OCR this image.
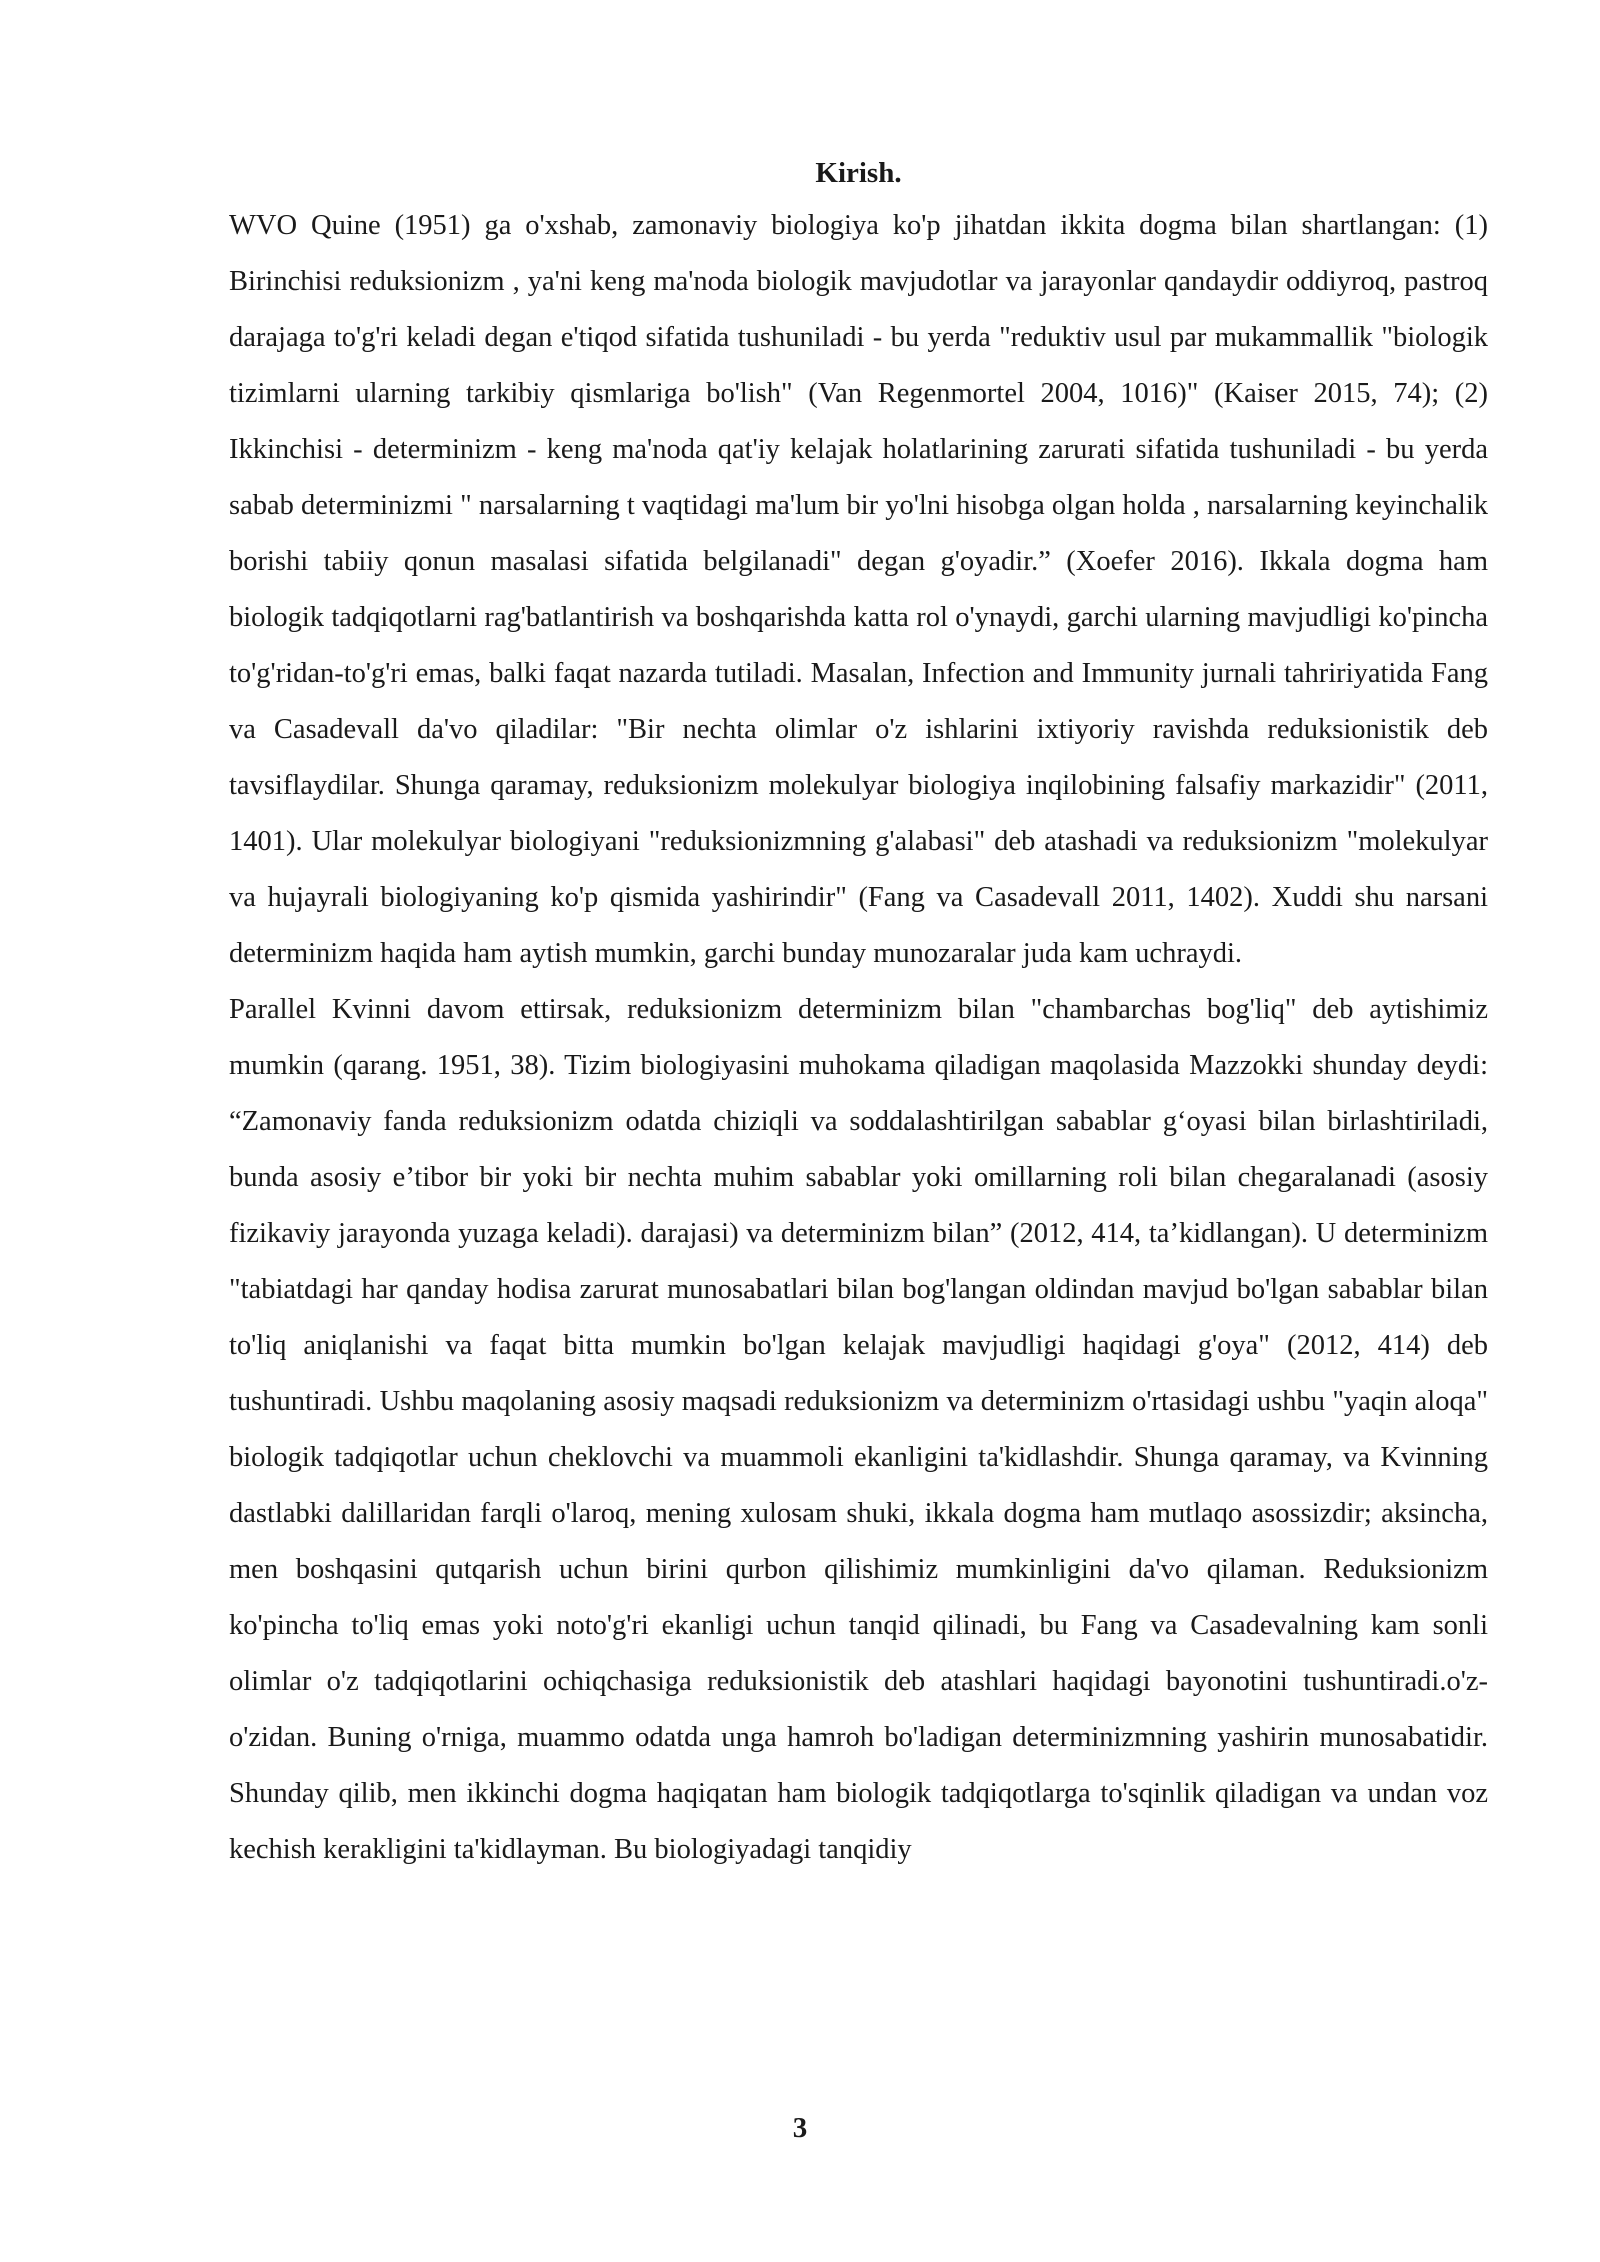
Kirish.

WVO Quine (1951) ga o'xshab, zamonaviy biologiya ko'p jihatdan ikkita dogma bilan shartlangan: (1) Birinchisi reduksionizm , ya'ni keng ma'noda biologik mavjudotlar va jarayonlar qandaydir oddiyroq, pastroq darajaga to'g'ri keladi degan e'tiqod sifatida tushuniladi - bu yerda "reduktiv usul par mukammallik "biologik tizimlarni ularning tarkibiy qismlariga bo'lish" (Van Regenmortel 2004, 1016)" (Kaiser 2015, 74); (2) Ikkinchisi - determinizm - keng ma'noda qat'iy kelajak holatlarining zarurati sifatida tushuniladi - bu yerda sabab determinizmi " narsalarning t vaqtidagi ma'lum bir yo'lni hisobga olgan holda , narsalarning keyinchalik borishi tabiiy qonun masalasi sifatida belgilanadi" degan g'oyadir.” (Xoefer 2016). Ikkala dogma ham biologik tadqiqotlarni rag'batlantirish va boshqarishda katta rol o'ynaydi, garchi ularning mavjudligi ko'pincha to'g'ridan-to'g'ri emas, balki faqat nazarda tutiladi. Masalan, Infection and Immunity jurnali tahririyatida Fang va Casadevall da'vo qiladilar: "Bir nechta olimlar o'z ishlarini ixtiyoriy ravishda reduksionistik deb tavsiflaydilar. Shunga qaramay, reduksionizm molekulyar biologiya inqilobining falsafiy markazidir" (2011, 1401). Ular molekulyar biologiyani "reduksionizmning g'alabasi" deb atashadi va reduksionizm "molekulyar va hujayrali biologiyaning ko'p qismida yashirindir" (Fang va Casadevall 2011, 1402). Xuddi shu narsani determinizm haqida ham aytish mumkin, garchi bunday munozaralar juda kam uchraydi.

Parallel Kvinni davom ettirsak, reduksionizm determinizm bilan "chambarchas bog'liq" deb aytishimiz mumkin (qarang. 1951, 38). Tizim biologiyasini muhokama qiladigan maqolasida Mazzokki shunday deydi: “Zamonaviy fanda reduksionizm odatda chiziqli va soddalashtirilgan sabablar g‘oyasi bilan birlashtiriladi, bunda asosiy e’tibor bir yoki bir nechta muhim sabablar yoki omillarning roli bilan chegaralanadi (asosiy fizikaviy jarayonda yuzaga keladi). darajasi) va determinizm bilan” (2012, 414, ta’kidlangan). U determinizm "tabiatdagi har qanday hodisa zarurat munosabatlari bilan bog'langan oldindan mavjud bo'lgan sabablar bilan to'liq aniqlanishi va faqat bitta mumkin bo'lgan kelajak mavjudligi haqidagi g'oya" (2012, 414) deb tushuntiradi. Ushbu maqolaning asosiy maqsadi reduksionizm va determinizm o'rtasidagi ushbu "yaqin aloqa" biologik tadqiqotlar uchun cheklovchi va muammoli ekanligini ta'kidlashdir. Shunga qaramay, va Kvinning dastlabki dalillaridan farqli o'laroq, mening xulosam shuki, ikkala dogma ham mutlaqo asossizdir; aksincha, men boshqasini qutqarish uchun birini qurbon qilishimiz mumkinligini da'vo qilaman. Reduksionizm ko'pincha to'liq emas yoki noto'g'ri ekanligi uchun tanqid qilinadi, bu Fang va Casadevalning kam sonli olimlar o'z tadqiqotlarini ochiqchasiga reduksionistik deb atashlari haqidagi bayonotini tushuntiradi.o'z-o'zidan. Buning o'rniga, muammo odatda unga hamroh bo'ladigan determinizmning yashirin munosabatidir. Shunday qilib, men ikkinchi dogma haqiqatan ham biologik tadqiqotlarga to'sqinlik qiladigan va undan voz kechish kerakligini ta'kidlayman. Bu biologiyadagi tanqidiy

3
